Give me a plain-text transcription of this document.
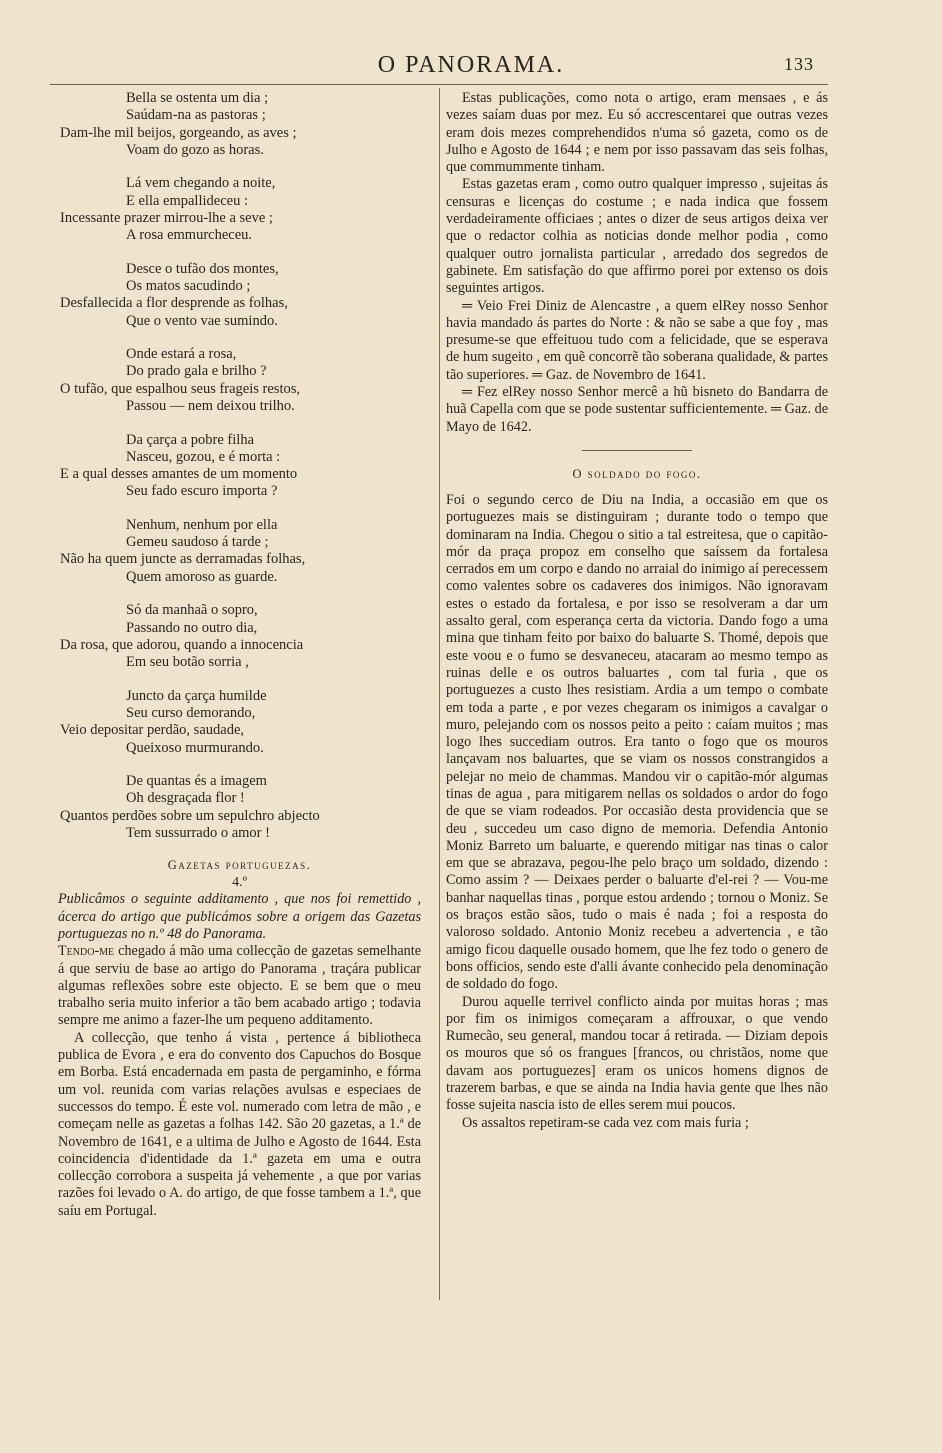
O PANORAMA.	133
Bella se ostenta um dia ;
Saúdam-na as pastoras ;
Dam-lhe mil beijos, gorgeando, as aves ;
Voam do gozo as horas.
Lá vem chegando a noite,
E ella empallideceu :
Incessante prazer mirrou-lhe a seve ;
A rosa emmurcheceu.
Desce o tufão dos montes,
Os matos sacudindo ;
Desfallecida a flor desprende as folhas,
Que o vento vae sumindo.
Onde estará a rosa,
Do prado gala e brilho ?
O tufão, que espalhou seus frageis restos,
Passou — nem deixou trilho.
Da çarça a pobre filha
Nasceu, gozou, e é morta :
E a qual desses amantes de um momento
Seu fado escuro importa ?
Nenhum, nenhum por ella
Gemeu saudoso á tarde ;
Não ha quem juncte as derramadas folhas,
Quem amoroso as guarde.
Só da manhaã o sopro,
Passando no outro dia,
Da rosa, que adorou, quando a innocencia
Em seu botão sorria ,
Juncto da çarça humilde
Seu curso demorando,
Veio depositar perdão, saudade,
Queixoso murmurando.
De quantas és a imagem
Oh desgraçada flor !
Quantos perdões sobre um sepulchro abjecto
Tem sussurrado o amor !
Gazetas portuguezas.
4.º

Publicâmos o seguinte additamento , que nos foi remettido , ácerca do artigo que publicámos sobre a origem das Gazetas portuguezas no n.º 48 do Panorama.

Tendo-me chegado á mão uma collecção de gazetas semelhante á que serviu de base ao artigo do Panorama , traçára publicar algumas reflexões sobre este objecto. E se bem que o meu trabalho seria muito inferior a tão bem acabado artigo ; todavia sempre me animo a fazer-lhe um pequeno additamento.

A collecção, que tenho á vista , pertence á bibliotheca publica de Evora , e era do convento dos Capuchos do Bosque em Borba. Está encadernada em pasta de pergaminho, e fórma um vol. reunida com varias relações avulsas e especiaes de successos do tempo. É este vol. numerado com letra de mão , e começam nelle as gazetas a folhas 142. São 20 gazetas, a 1.ª de Novembro de 1641, e a ultima de Julho e Agosto de 1644. Esta coincidencia d'identidade da 1.ª gazeta em uma e outra collecção corrobora a suspeita já vehemente , a que por varias razões foi levado o A. do artigo, de que fosse tambem a 1.ª, que saíu em Portugal.

Estas publicações, como nota o artigo, eram mensaes , e ás vezes saíam duas por mez. Eu só accrescentarei que outras vezes eram dois mezes comprehendidos n'uma só gazeta, como os de Julho e Agosto de 1644 ; e nem por isso passavam das seis folhas, que commummente tinham.

Estas gazetas eram , como outro qualquer impresso , sujeitas ás censuras e licenças do costume ; e nada indica que fossem verdadeiramente officiaes ; antes o dizer de seus artigos deixa ver que o redactor colhia as noticias donde melhor podia , como qualquer outro jornalista particular , arredado dos segredos de gabinete. Em satisfação do que affirmo porei por extenso os dois seguintes artigos.

═ Veio Frei Diniz de Alencastre , a quem elRey nosso Senhor havia mandado ás partes do Norte : & não se sabe a que foy , mas presume-se que effeituou tudo com a felicidade, que se esperava de hum sugeito , em quẽ concorrẽ tão soberana qualidade, & partes tão superiores. ═ Gaz. de Novembro de 1641.

═ Fez elRey nosso Senhor mercê a hũ bisneto do Bandarra de huã Capella com que se pode sustentar sufficientemente. ═ Gaz. de Mayo de 1642.

O soldado do fogo.

Foi o segundo cerco de Diu na India, a occasião em que os portuguezes mais se distinguiram ; durante todo o tempo que dominaram na India. Chegou o sitio a tal estreitesa, que o capitão-mór da praça propoz em conselho que saíssem da fortalesa cerrados em um corpo e dando no arraial do inimigo aí perecessem como valentes sobre os cadaveres dos inimigos. Não ignoravam estes o estado da fortalesa, e por isso se resolveram a dar um assalto geral, com esperança certa da victoria. Dando fogo a uma mina que tinham feito por baixo do baluarte S. Thomé, depois que este voou e o fumo se desvaneceu, atacaram ao mesmo tempo as ruinas delle e os outros baluartes , com tal furia , que os portuguezes a custo lhes resistiam. Ardia a um tempo o combate em toda a parte , e por vezes chegaram os inimigos a cavalgar o muro, pelejando com os nossos peito a peito : caíam muitos ; mas logo lhes succediam outros. Era tanto o fogo que os mouros lançavam nos baluartes, que se viam os nossos constrangidos a pelejar no meio de chammas. Mandou vir o capitão-mór algumas tinas de agua , para mitigarem nellas os soldados o ardor do fogo de que se viam rodeados. Por occasião desta providencia que se deu , succedeu um caso digno de memoria. Defendia Antonio Moniz Barreto um baluarte, e querendo mitigar nas tinas o calor em que se abrazava, pegou-lhe pelo braço um soldado, dizendo : Como assim ? — Deixaes perder o baluarte d'el-rei ? — Vou-me banhar naquellas tinas , porque estou ardendo ; tornou o Moniz. Se os braços estão sãos, tudo o mais é nada ; foi a resposta do valoroso soldado. Antonio Moniz recebeu a advertencia , e tão amigo ficou daquelle ousado homem, que lhe fez todo o genero de bons officios, sendo este d'alli ávante conhecido pela denominação de soldado do fogo.

Durou aquelle terrivel conflicto ainda por muitas horas ; mas por fim os inimigos começaram a affrouxar, o que vendo Rumecão, seu general, mandou tocar á retirada. — Diziam depois os mouros que só os frangues [francos, ou christãos, nome que davam aos portuguezes] eram os unicos homens dignos de trazerem barbas, e que se ainda na India havia gente que lhes não fosse sujeita nascia isto de elles serem mui poucos.

Os assaltos repetiram-se cada vez com mais furia ;
